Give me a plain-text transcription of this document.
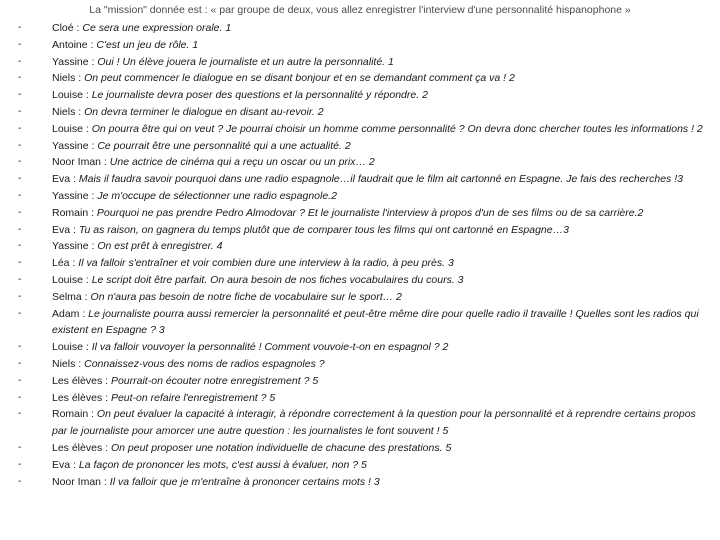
La "mission" donnée est : « par groupe de deux, vous allez enregistrer l'interview d'une personnalité hispanophone »
-	Cloé : Ce sera une expression orale. 1
-	Antoine : C'est un jeu de rôle. 1
-	Yassine : Oui ! Un élève jouera le journaliste et un autre la personnalité. 1
-	Niels : On peut commencer le dialogue en se disant bonjour et en se demandant comment ça va ! 2
-	Louise : Le journaliste devra poser des questions et la personnalité y répondre. 2
-	Niels : On devra terminer le dialogue en disant au-revoir. 2
-	Louise : On pourra être qui on veut ? Je pourrai choisir un homme comme personnalité ? On devra donc chercher toutes les informations ! 2
-	Yassine : Ce pourrait être une personnalité qui a une actualité. 2
-	Noor Iman : Une actrice de cinéma qui a reçu un oscar ou un prix… 2
-	Eva : Mais il faudra savoir pourquoi dans une radio espagnole…il faudrait que le film ait cartonné en Espagne. Je fais des recherches !3
-	Yassine : Je m'occupe de sélectionner une radio espagnole.2
-	Romain : Pourquoi ne pas prendre Pedro Almodovar ? Et le journaliste l'interview à propos d'un de ses films ou de sa carrière.2
-	Eva : Tu as raison, on gagnera du temps plutôt que de comparer tous les films qui ont cartonné en Espagne…3
-	Yassine : On est prêt à enregistrer. 4
-	Léa : Il va falloir s'entraîner et voir combien dure une interview à la radio, à peu près. 3
-	Louise : Le script doit être parfait. On aura besoin de nos fiches vocabulaires du cours. 3
-	Selma : On n'aura pas besoin de notre fiche de vocabulaire sur le sport… 2
-	Adam : Le journaliste pourra aussi remercier la personnalité et peut-être même dire pour quelle radio il travaille ! Quelles sont les radios qui existent en Espagne ? 3
-	Louise : Il va falloir vouvoyer la personnalité ! Comment vouvoie-t-on en espagnol ? 2
-	Niels : Connaissez-vous des noms de radios espagnoles ?
-	Les élèves : Pourrait-on écouter notre enregistrement ? 5
-	Les élèves : Peut-on refaire l'enregistrement ? 5
-	Romain : On peut évaluer la capacité à interagir, à répondre correctement à la question pour la personnalité et à reprendre certains propos par le journaliste pour amorcer une autre question : les journalistes le font souvent ! 5
-	Les élèves : On peut proposer une notation individuelle de chacune des prestations. 5
-	Eva : La façon de prononcer les mots, c'est aussi à évaluer, non ? 5
-	Noor Iman : Il va falloir que je m'entraîne à prononcer certains mots ! 3
